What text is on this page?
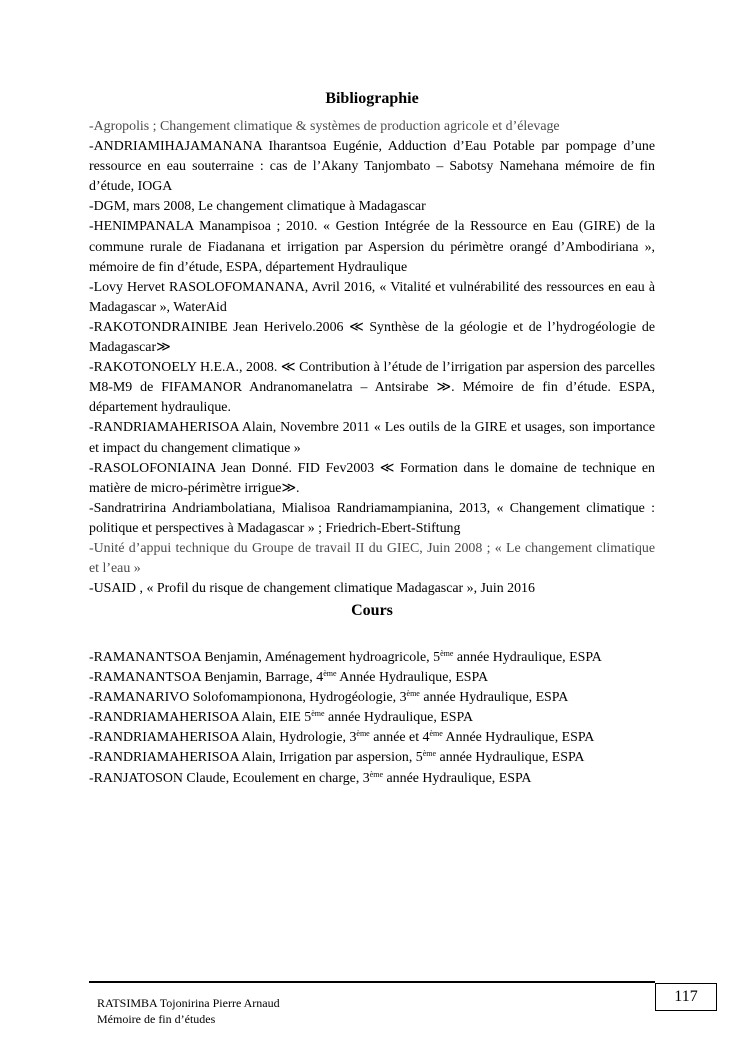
Bibliographie

-Agropolis ; Changement climatique & systèmes de production agricole et d’élevage

-ANDRIAMIHAJAMANANA Iharantsoa Eugénie, Adduction d’Eau Potable par pompage d’une ressource en eau souterraine : cas de l’Akany Tanjombato – Sabotsy Namehana mémoire de fin d’étude, IOGA

-DGM, mars 2008, Le changement climatique à Madagascar

-HENIMPANALA Manampisoa ; 2010. « Gestion Intégrée de la Ressource en Eau (GIRE) de la commune rurale de Fiadanana et irrigation par Aspersion du périmètre orangé d’Ambodiriana », mémoire de fin d’étude, ESPA, département Hydraulique

-Lovy Hervet RASOLOFOMANANA, Avril 2016, « Vitalité et vulnérabilité des ressources en eau à Madagascar », WaterAid

-RAKOTONDRAINIBE Jean Herivelo.2006 ≪ Synthèse de la géologie et de l’hydrogéologie de Madagascar≫

-RAKOTONOELY H.E.A., 2008. ≪ Contribution à l’étude de l’irrigation par aspersion des parcelles M8-M9 de FIFAMANOR Andranomanelatra – Antsirabe ≫. Mémoire de fin d’étude. ESPA, département hydraulique.

-RANDRIAMAHERISOA Alain, Novembre 2011 « Les outils de la GIRE et usages, son importance et impact du changement climatique »

-RASOLOFONIAINA Jean Donné. FID Fev2003 ≪ Formation dans le domaine de technique en matière de micro-périmètre irrigue≫.

-Sandratririna Andriambolatiana, Mialisoa Randriamampianina, 2013, « Changement climatique : politique et perspectives à Madagascar » ; Friedrich-Ebert-Stiftung

-Unité d’appui technique du Groupe de travail II du GIEC, Juin 2008 ; « Le changement climatique et l’eau »

-USAID , « Profil du risque de changement climatique Madagascar », Juin 2016

Cours

-RAMANANTSOA Benjamin, Aménagement hydroagricole, 5ème année Hydraulique, ESPA

-RAMANANTSOA Benjamin, Barrage, 4ème Année Hydraulique, ESPA

-RAMANARIVO Solofomampionona, Hydrogéologie, 3ème année Hydraulique, ESPA

-RANDRIAMAHERISOA Alain, EIE 5ème année Hydraulique, ESPA

-RANDRIAMAHERISOA Alain, Hydrologie, 3ème année et 4ème Année Hydraulique, ESPA

-RANDRIAMAHERISOA Alain, Irrigation par aspersion, 5ème année Hydraulique, ESPA

-RANJATOSON Claude, Ecoulement en charge, 3ème année Hydraulique, ESPA

117
RATSIMBA Tojonirina Pierre Arnaud
Mémoire de fin d’études
